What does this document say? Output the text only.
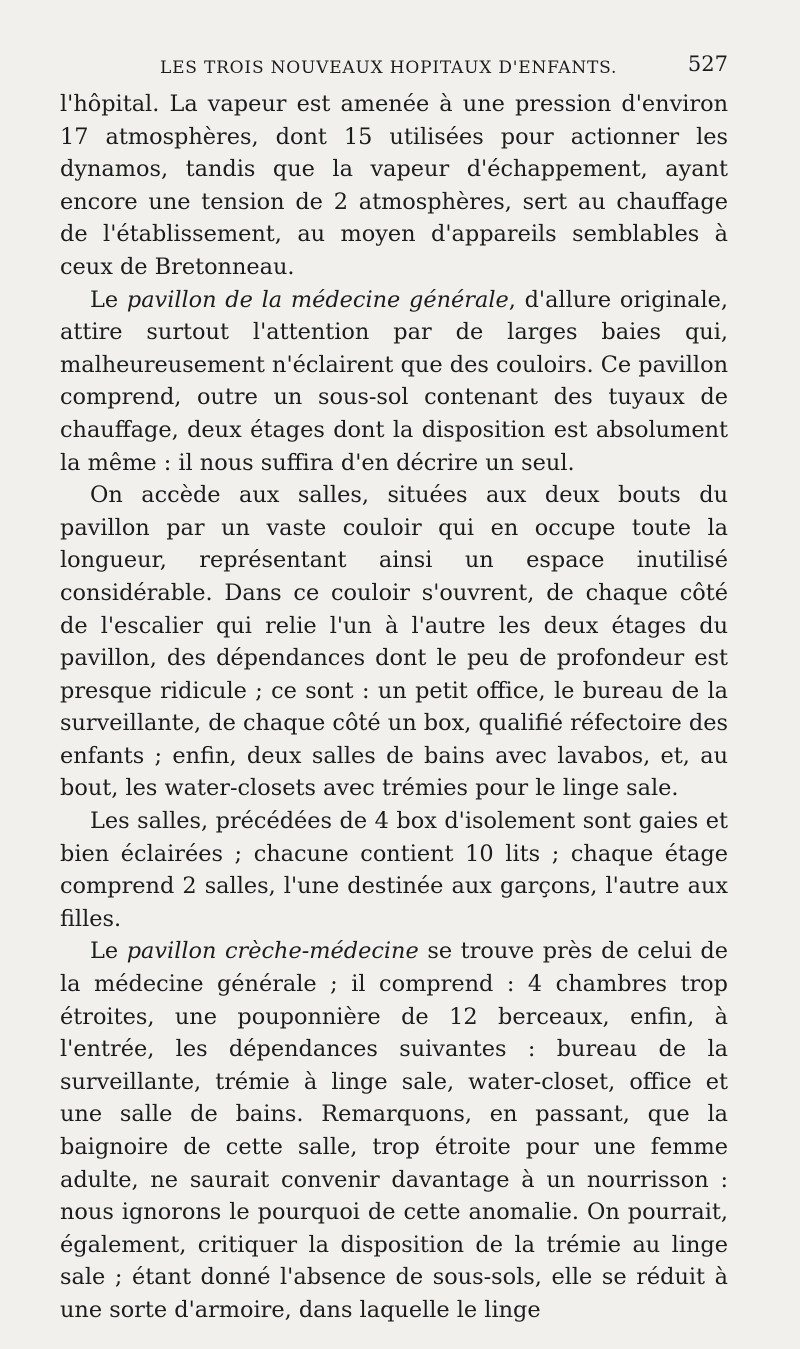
LES TROIS NOUVEAUX HOPITAUX D'ENFANTS.	527

l'hôpital. La vapeur est amenée à une pression d'environ 17 atmosphères, dont 15 utilisées pour actionner les dynamos, tandis que la vapeur d'échappement, ayant encore une tension de 2 atmosphères, sert au chauffage de l'établissement, au moyen d'appareils semblables à ceux de Bretonneau.

Le pavillon de la médecine générale, d'allure originale, attire surtout l'attention par de larges baies qui, malheureusement n'éclairent que des couloirs. Ce pavillon comprend, outre un sous-sol contenant des tuyaux de chauffage, deux étages dont la disposition est absolument la même : il nous suffira d'en décrire un seul.

On accède aux salles, situées aux deux bouts du pavillon par un vaste couloir qui en occupe toute la longueur, représentant ainsi un espace inutilisé considérable. Dans ce couloir s'ouvrent, de chaque côté de l'escalier qui relie l'un à l'autre les deux étages du pavillon, des dépendances dont le peu de profondeur est presque ridicule ; ce sont : un petit office, le bureau de la surveillante, de chaque côté un box, qualifié réfectoire des enfants ; enfin, deux salles de bains avec lavabos, et, au bout, les water-closets avec trémies pour le linge sale.

Les salles, précédées de 4 box d'isolement sont gaies et bien éclairées ; chacune contient 10 lits ; chaque étage comprend 2 salles, l'une destinée aux garçons, l'autre aux filles.

Le pavillon crèche-médecine se trouve près de celui de la médecine générale ; il comprend : 4 chambres trop étroites, une pouponnière de 12 berceaux, enfin, à l'entrée, les dépendances suivantes : bureau de la surveillante, trémie à linge sale, water-closet, office et une salle de bains. Remarquons, en passant, que la baignoire de cette salle, trop étroite pour une femme adulte, ne saurait convenir davantage à un nourrisson : nous ignorons le pourquoi de cette anomalie. On pourrait, également, critiquer la disposition de la trémie au linge sale ; étant donné l'absence de sous-sols, elle se réduit à une sorte d'armoire, dans laquelle le linge
